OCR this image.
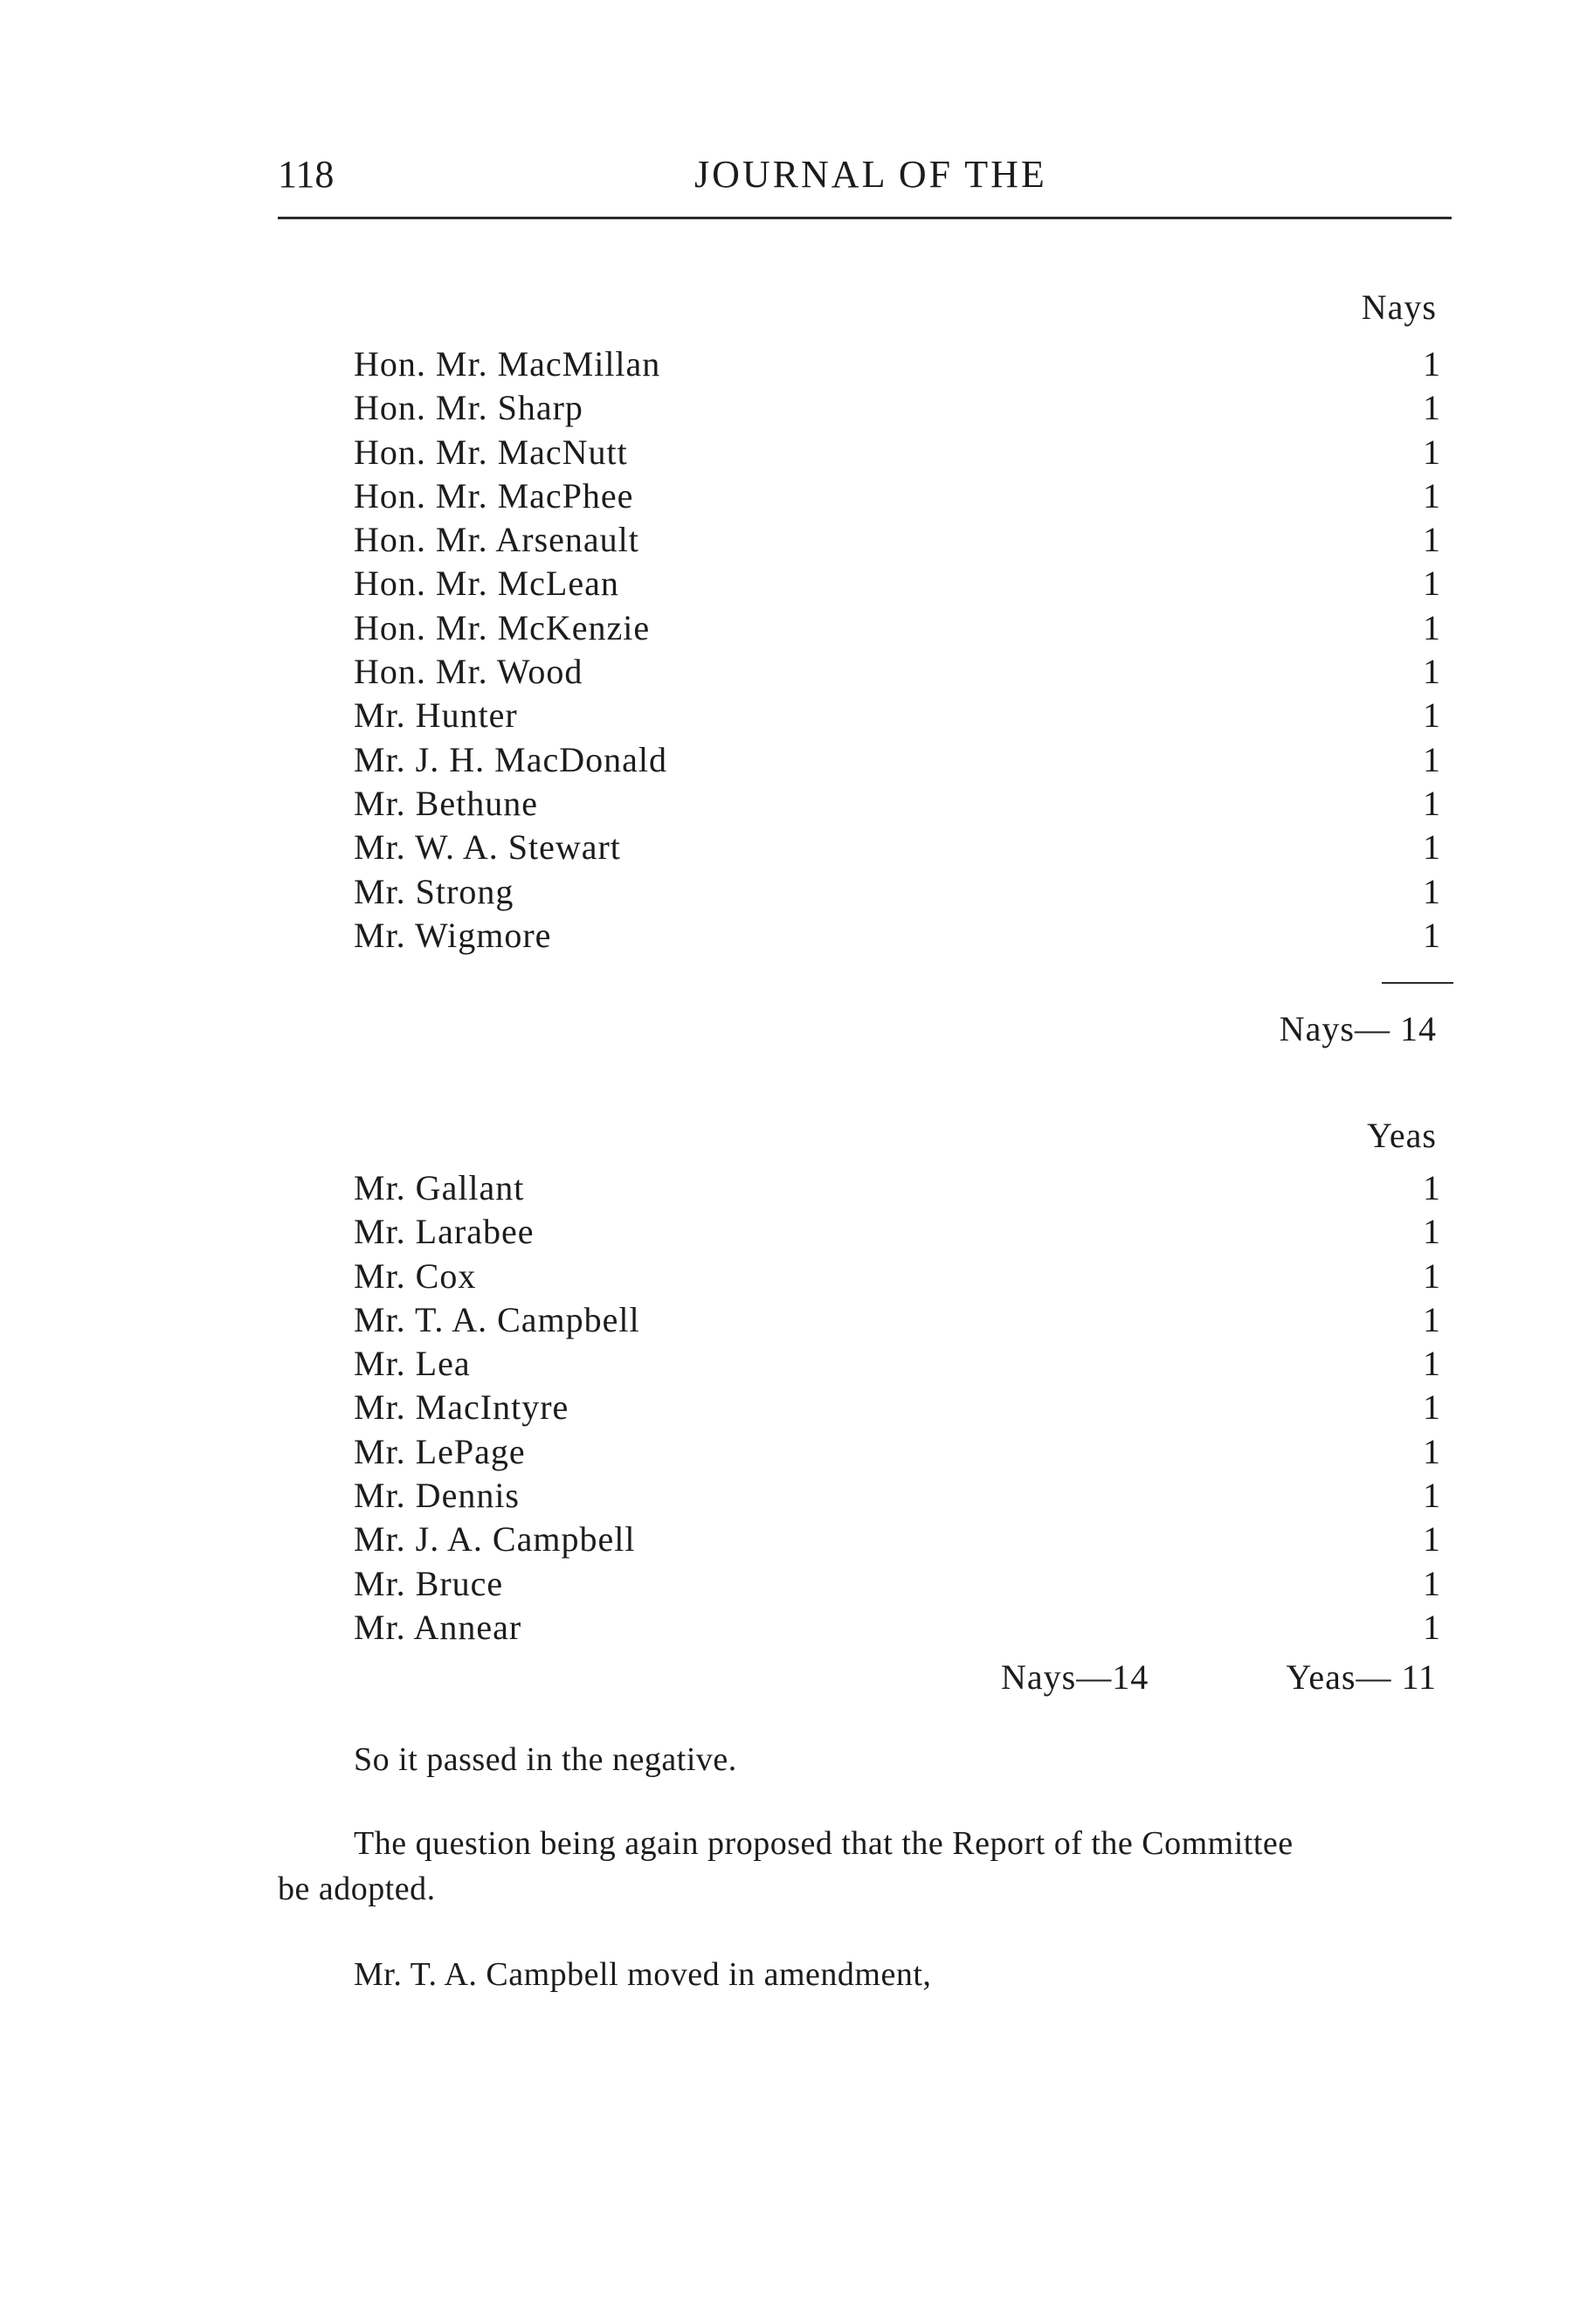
118	JOURNAL OF THE
Nays
Hon. Mr. MacMillan	1
Hon. Mr. Sharp	1
Hon. Mr. MacNutt	1
Hon. Mr. MacPhee	1
Hon. Mr. Arsenault	1
Hon. Mr. McLean	1
Hon. Mr. McKenzie	1
Hon. Mr. Wood	1
Mr. Hunter	1
Mr. J. H. MacDonald	1
Mr. Bethune	1
Mr. W. A. Stewart	1
Mr. Strong	1
Mr. Wigmore	1
Nays— 14
Yeas
Mr. Gallant	1
Mr. Larabee	1
Mr. Cox	1
Mr. T. A. Campbell	1
Mr. Lea	1
Mr. MacIntyre	1
Mr. LePage	1
Mr. Dennis	1
Mr. J. A. Campbell	1
Mr. Bruce	1
Mr. Annear	1
Nays—14	Yeas— 11

So it passed in the negative.

The question being again proposed that the Report of the Committee

be adopted.

Mr. T. A. Campbell moved in amendment,
